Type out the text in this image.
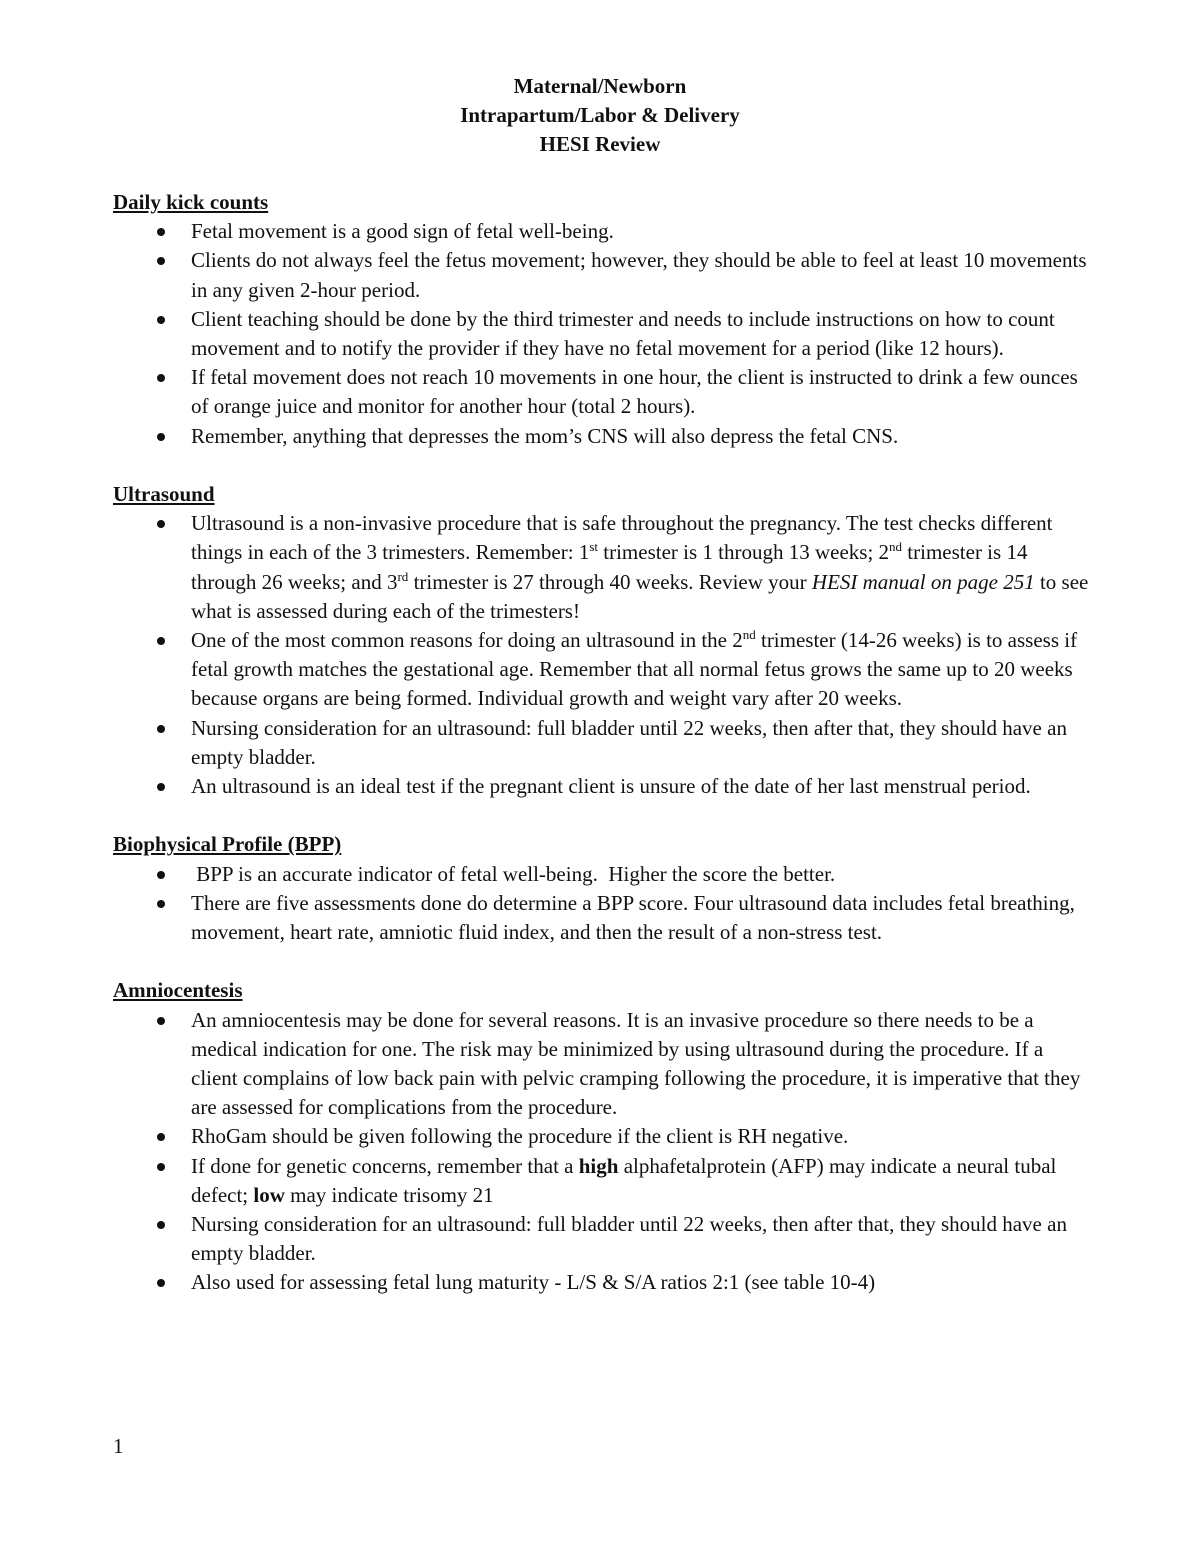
Maternal/Newborn
Intrapartum/Labor & Delivery
HESI Review
Daily kick counts
Fetal movement is a good sign of fetal well-being.
Clients do not always feel the fetus movement; however, they should be able to feel at least 10 movements in any given 2-hour period.
Client teaching should be done by the third trimester and needs to include instructions on how to count movement and to notify the provider if they have no fetal movement for a period (like 12 hours).
If fetal movement does not reach 10 movements in one hour, the client is instructed to drink a few ounces of orange juice and monitor for another hour (total 2 hours).
Remember, anything that depresses the mom’s CNS will also depress the fetal CNS.
Ultrasound
Ultrasound is a non-invasive procedure that is safe throughout the pregnancy. The test checks different things in each of the 3 trimesters. Remember: 1st trimester is 1 through 13 weeks; 2nd trimester is 14 through 26 weeks; and 3rd trimester is 27 through 40 weeks. Review your HESI manual on page 251 to see what is assessed during each of the trimesters!
One of the most common reasons for doing an ultrasound in the 2nd trimester (14-26 weeks) is to assess if fetal growth matches the gestational age. Remember that all normal fetus grows the same up to 20 weeks because organs are being formed. Individual growth and weight vary after 20 weeks.
Nursing consideration for an ultrasound: full bladder until 22 weeks, then after that, they should have an empty bladder.
An ultrasound is an ideal test if the pregnant client is unsure of the date of her last menstrual period.
Biophysical Profile (BPP)
BPP is an accurate indicator of fetal well-being.  Higher the score the better.
There are five assessments done do determine a BPP score. Four ultrasound data includes fetal breathing, movement, heart rate, amniotic fluid index, and then the result of a non-stress test.
Amniocentesis
An amniocentesis may be done for several reasons. It is an invasive procedure so there needs to be a medical indication for one. The risk may be minimized by using ultrasound during the procedure. If a client complains of low back pain with pelvic cramping following the procedure, it is imperative that they are assessed for complications from the procedure.
RhoGam should be given following the procedure if the client is RH negative.
If done for genetic concerns, remember that a high alphafetalprotein (AFP) may indicate a neural tubal defect; low may indicate trisomy 21
Nursing consideration for an ultrasound: full bladder until 22 weeks, then after that, they should have an empty bladder.
Also used for assessing fetal lung maturity - L/S & S/A ratios 2:1 (see table 10-4)
1
